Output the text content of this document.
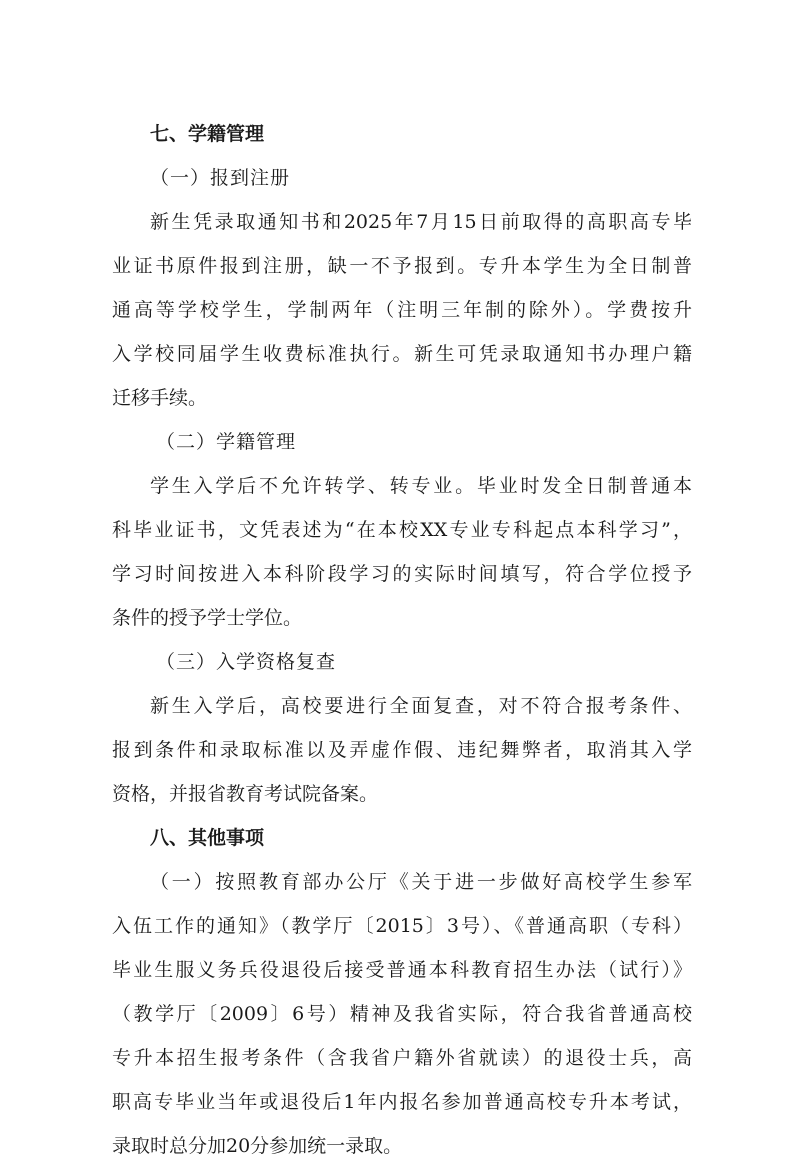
七、学籍管理
（一）报到注册
新生凭录取通知书和2025年7月15日前取得的高职高专毕
业证书原件报到注册，缺一不予报到。专升本学生为全日制普
通高等学校学生，学制两年（注明三年制的除外）。学费按升
入学校同届学生收费标准执行。新生可凭录取通知书办理户籍
迁移手续。
（二）学籍管理
学生入学后不允许转学、转专业。毕业时发全日制普通本
科毕业证书，文凭表述为“在本校XX专业专科起点本科学习”，
学习时间按进入本科阶段学习的实际时间填写，符合学位授予
条件的授予学士学位。
（三）入学资格复查
新生入学后，高校要进行全面复查，对不符合报考条件、
报到条件和录取标准以及弄虚作假、违纪舞弊者，取消其入学
资格，并报省教育考试院备案。
八、其他事项
（一）按照教育部办公厅《关于进一步做好高校学生参军
入伍工作的通知》（教学厅〔2015〕3号）、《普通高职（专科）
毕业生服义务兵役退役后接受普通本科教育招生办法（试行）》
（教学厅〔2009〕6号）精神及我省实际，符合我省普通高校
专升本招生报考条件（含我省户籍外省就读）的退役士兵，高
职高专毕业当年或退役后1年内报名参加普通高校专升本考试，
录取时总分加20分参加统一录取。
